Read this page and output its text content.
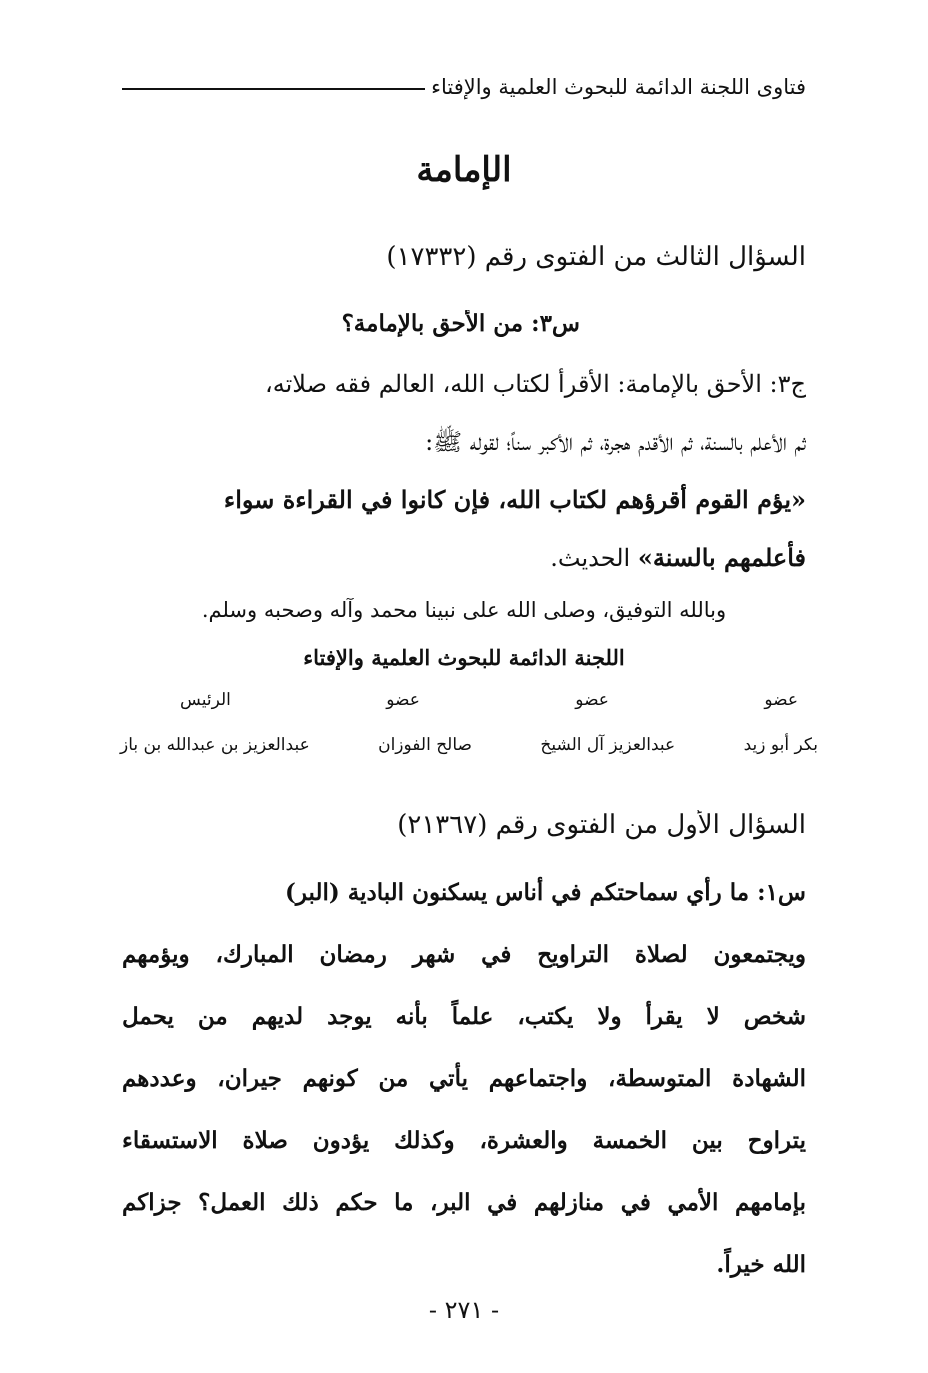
فتاوى اللجنة الدائمة للبحوث العلمية والإفتاء
الإمامة
السؤال الثالث من الفتوى رقم (١٧٣٣٢)
س٣: من الأحق بالإمامة؟
ج٣: الأحق بالإمامة: الأقرأ لكتاب الله، العالم فقه صلاته،
ثم الأعلم بالسنة، ثم الأقدم هجرة، ثم الأكبر سناً؛ لقوله ﷺ:
«يؤم القوم أقرؤهم لكتاب الله، فإن كانوا في القراءة سواء
فأعلمهم بالسنة» الحديث.
وبالله التوفيق، وصلى الله على نبينا محمد وآله وصحبه وسلم.
اللجنة الدائمة للبحوث العلمية والإفتاء
عضو
عضو
عضو
الرئيس
بكر أبو زيد
عبدالعزيز آل الشيخ
صالح الفوزان
عبدالعزيز بن عبدالله بن باز
السؤال الأول من الفتوى رقم (٢١٣٦٧)
س١: ما رأي سماحتكم في أناس يسكنون البادية (البر)
ويجتمعون لصلاة التراويح في شهر رمضان المبارك، ويؤمهم
شخص لا يقرأ ولا يكتب، علماً بأنه يوجد لديهم من يحمل
الشهادة المتوسطة، واجتماعهم يأتي من كونهم جيران، وعددهم
يتراوح بين الخمسة والعشرة، وكذلك يؤدون صلاة الاستسقاء
بإمامهم الأمي في منازلهم في البر، ما حكم ذلك العمل؟ جزاكم
الله خيراً.
- ٢٧١ -
